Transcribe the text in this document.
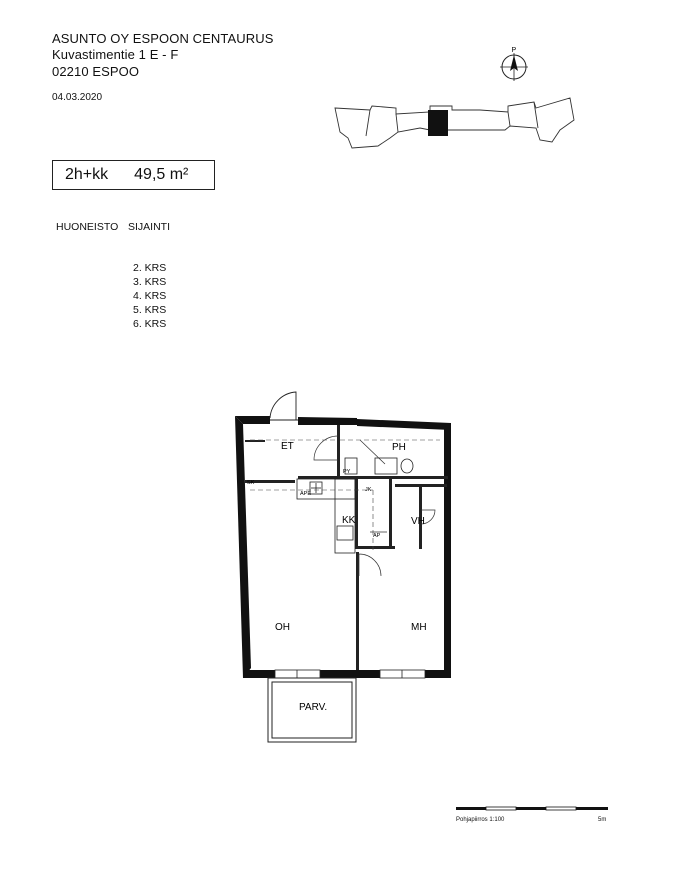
ASUNTO OY ESPOON CENTAURUS
Kuvastimentie 1 E - F
02210 ESPOO
04.03.2020
P
2h+kk 49,5 m²
HUONEISTO SIJAINTI
2. KRS
3. KRS
4. KRS
5. KRS
6. KRS
ET	PH
KK	VH
OH	MH
PARV.
SK
PY
APE
JK
AP
Pohjapiirros 1:100	5m
